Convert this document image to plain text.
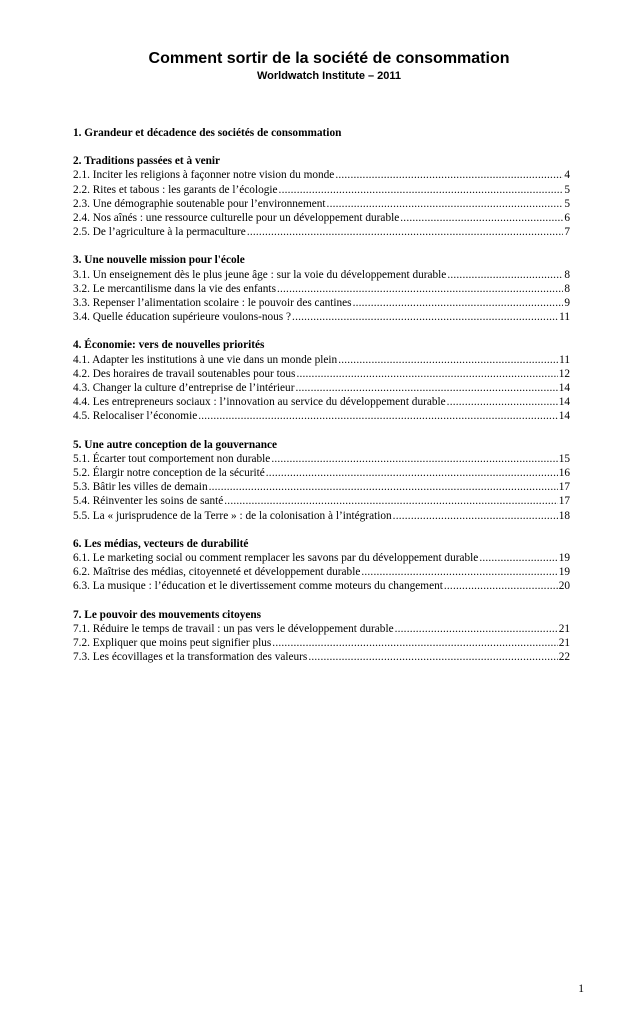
Comment sortir de la société de consommation
Worldwatch Institute – 2011
1. Grandeur et décadence des sociétés de consommation
2. Traditions passées et à venir
2.1. Inciter les religions à façonner notre vision du monde .....	4
2.2. Rites et tabous : les garants de l’écologie .....	5
2.3. Une démographie soutenable pour l’environnement .....	5
2.4. Nos aînés : une ressource culturelle pour un développement durable .....	6
2.5. De l’agriculture à la permaculture .....	7
3. Une nouvelle mission pour l'école
3.1. Un enseignement dès le plus jeune âge : sur la voie du développement durable .....	8
3.2. Le mercantilisme dans la vie des enfants .....	8
3.3. Repenser l’alimentation scolaire : le pouvoir des cantines .....	9
3.4. Quelle éducation supérieure voulons-nous ? .....	11
4. Économie: vers de nouvelles priorités
4.1. Adapter les institutions à une vie dans un monde plein .....	11
4.2. Des horaires de travail soutenables pour tous .....	12
4.3. Changer la culture d’entreprise de l’intérieur .....	14
4.4. Les entrepreneurs sociaux : l’innovation au service du développement durable .....	14
4.5. Relocaliser l’économie .....	14
5. Une autre conception de la gouvernance
5.1. Écarter tout comportement non durable .....	15
5.2. Élargir notre conception de la sécurité .....	16
5.3. Bâtir les villes de demain .....	17
5.4. Réinventer les soins de santé .....	17
5.5. La « jurisprudence de la Terre » : de la colonisation à l’intégration .....	18
6. Les médias, vecteurs de durabilité
6.1. Le marketing social ou comment remplacer les savons par du développement durable .....	19
6.2. Maîtrise des médias, citoyenneté et développement durable .....	19
6.3. La musique : l’éducation et le divertissement comme moteurs du changement .....	20
7. Le pouvoir des mouvements citoyens
7.1. Réduire le temps de travail : un pas vers le développement durable .....	21
7.2. Expliquer que moins peut signifier plus .....	21
7.3. Les écovillages et la transformation des valeurs .....	22
1
